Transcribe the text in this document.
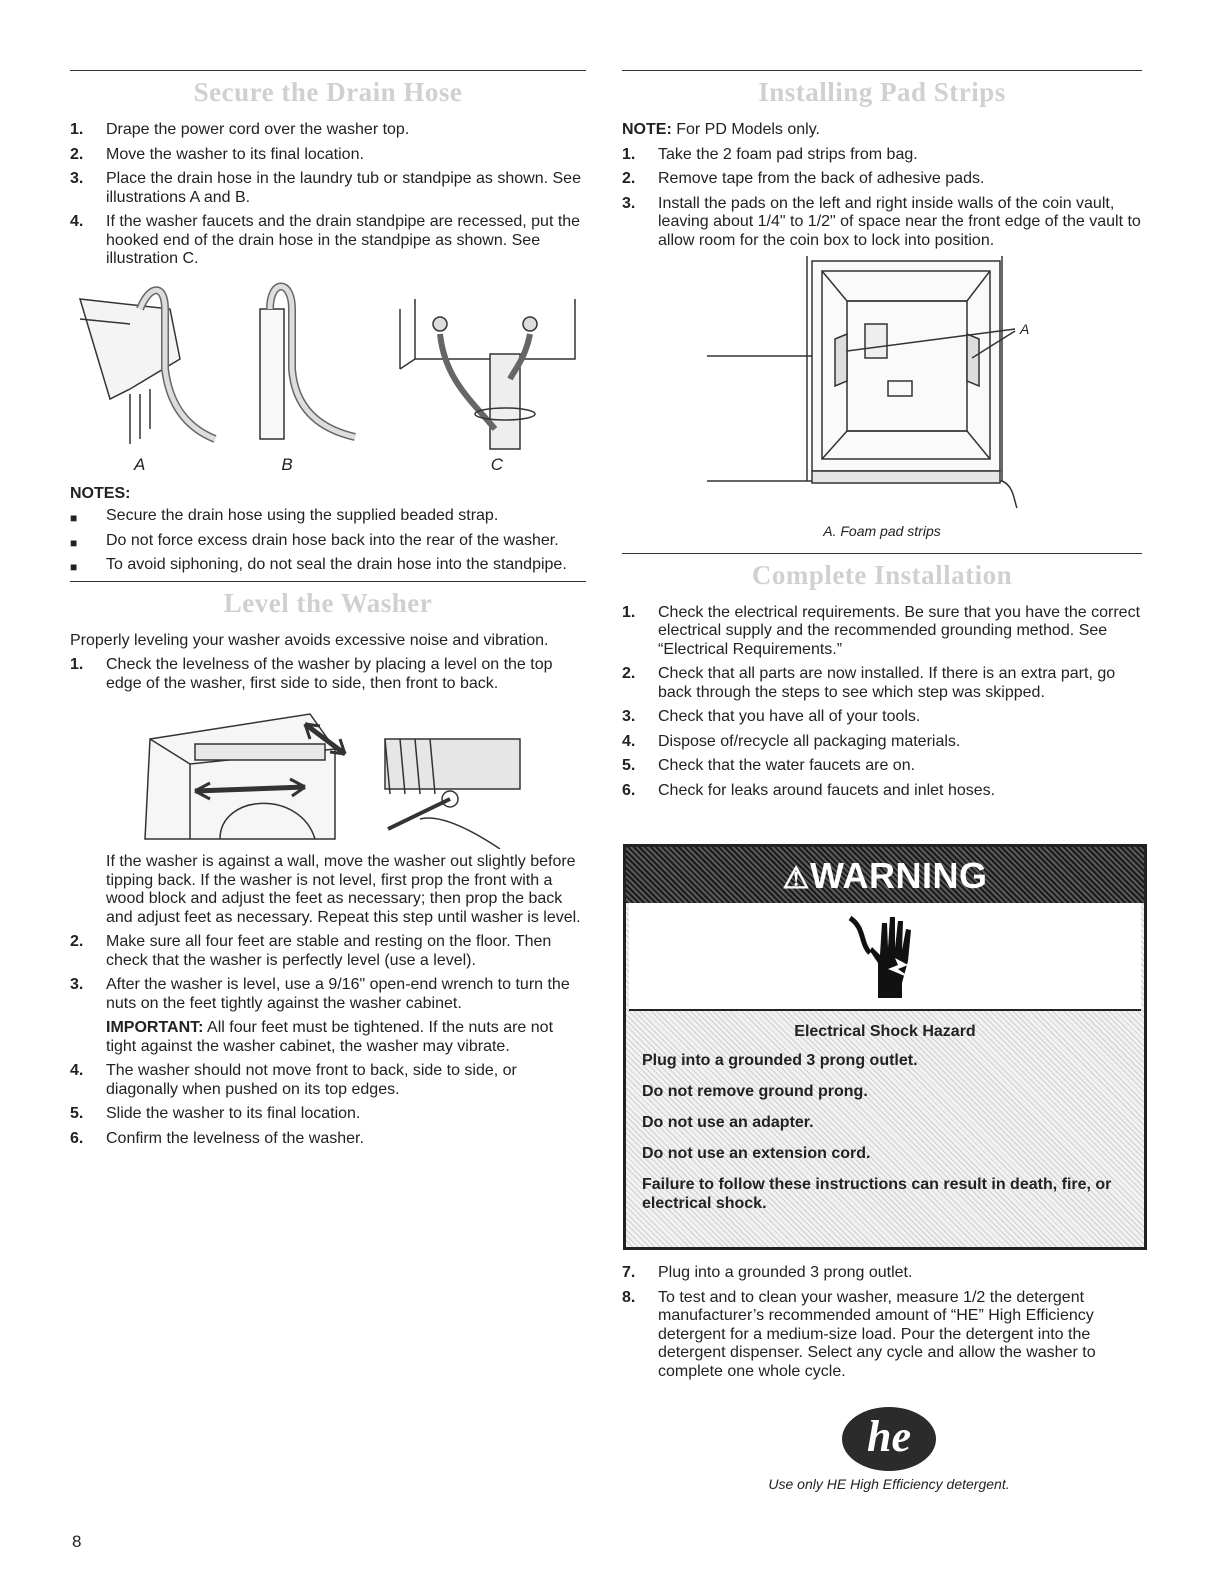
Secure the Drain Hose
1. Drape the power cord over the washer top.
2. Move the washer to its final location.
3. Place the drain hose in the laundry tub or standpipe as shown. See illustrations A and B.
4. If the washer faucets and the drain standpipe are recessed, put the hooked end of the drain hose in the standpipe as shown. See illustration C.
A	B	C

NOTES:

■ Secure the drain hose using the supplied beaded strap.
■ Do not force excess drain hose back into the rear of the washer.
■ To avoid siphoning, do not seal the drain hose into the standpipe.
Level the Washer

Properly leveling your washer avoids excessive noise and vibration.

1. Check the levelness of the washer by placing a level on the top edge of the washer, first side to side, then front to back.

If the washer is against a wall, move the washer out slightly before tipping back. If the washer is not level, first prop the front with a wood block and adjust the feet as necessary; then prop the back and adjust feet as necessary. Repeat this step until washer is level.

2. Make sure all four feet are stable and resting on the floor. Then check that the washer is perfectly level (use a level).
3. After the washer is level, use a 9/16" open-end wrench to turn the nuts on the feet tightly against the washer cabinet.
IMPORTANT: All four feet must be tightened. If the nuts are not tight against the washer cabinet, the washer may vibrate.
4. The washer should not move front to back, side to side, or diagonally when pushed on its top edges.
5. Slide the washer to its final location.
6. Confirm the levelness of the washer.
Installing Pad Strips

NOTE: For PD Models only.

1. Take the 2 foam pad strips from bag.
2. Remove tape from the back of adhesive pads.
3. Install the pads on the left and right inside walls of the coin vault, leaving about 1/4" to 1/2" of space near the front edge of the vault to allow room for the coin box to lock into position.
A

A. Foam pad strips

Complete Installation
1. Check the electrical requirements. Be sure that you have the correct electrical supply and the recommended grounding method. See “Electrical Requirements.”
2. Check that all parts are now installed. If there is an extra part, go back through the steps to see which step was skipped.
3. Check that you have all of your tools.
4. Dispose of/recycle all packaging materials.
5. Check that the water faucets are on.
6. Check for leaks around faucets and inlet hoses.
⚠WARNING
Electrical Shock Hazard
Plug into a grounded 3 prong outlet.
Do not remove ground prong.
Do not use an adapter.
Do not use an extension cord.
Failure to follow these instructions can result in death, fire, or electrical shock.
7. Plug into a grounded 3 prong outlet.
8. To test and to clean your washer, measure 1/2 the detergent manufacturer’s recommended amount of “HE” High Efficiency detergent for a medium-size load. Pour the detergent into the detergent dispenser. Select any cycle and allow the washer to complete one whole cycle.
he

Use only HE High Efficiency detergent.

8
